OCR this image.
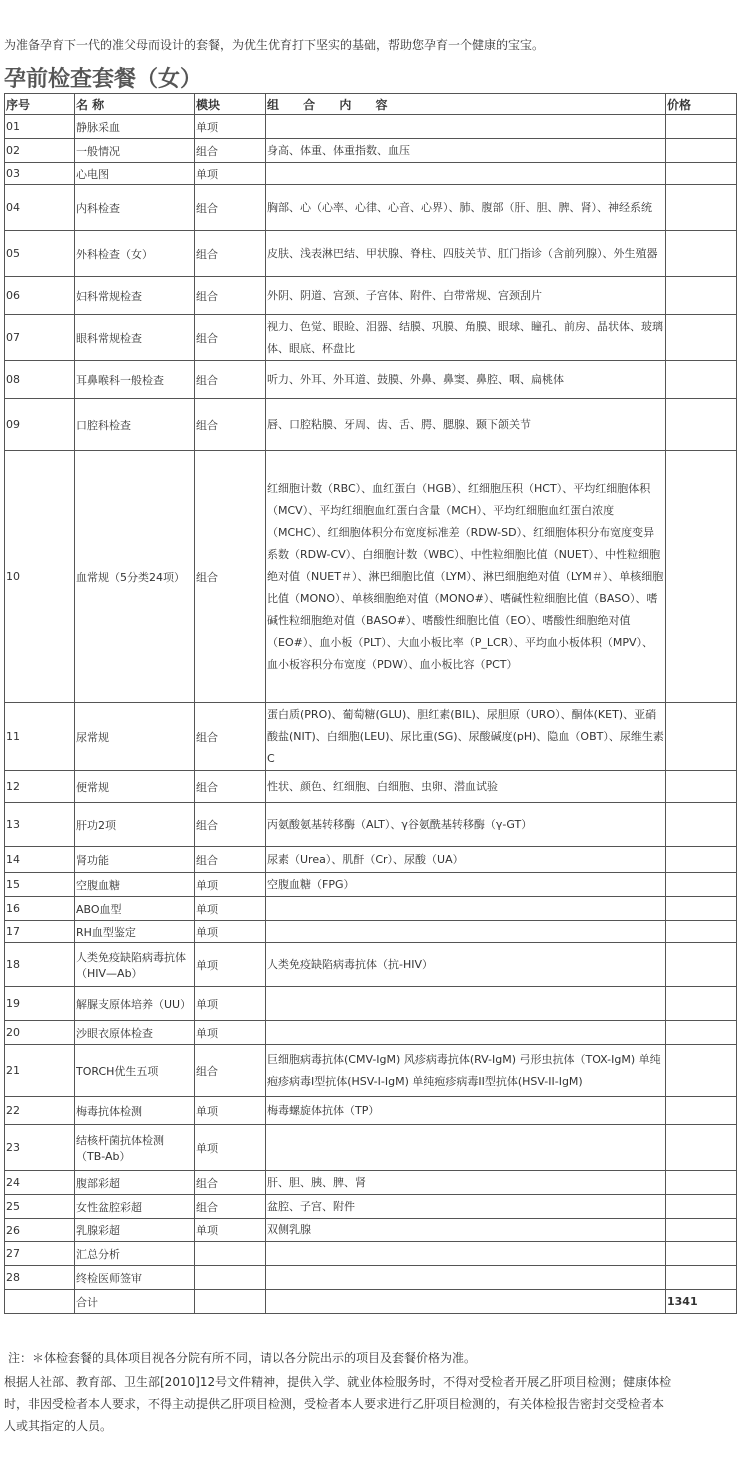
为准备孕育下一代的准父母而设计的套餐，为优生优育打下坚实的基础，帮助您孕育一个健康的宝宝。
孕前检查套餐（女）
序号	名 称	模块	组 合 内 容	价格
01	静脉采血	单项		
02	一般情况	组合	身高、体重、体重指数、血压	
03	心电图	单项		
04	内科检查	组合	胸部、心（心率、心律、心音、心界）、肺、腹部（肝、胆、脾、肾）、神经系统	
05	外科检查（女）	组合	皮肤、浅表淋巴结、甲状腺、脊柱、四肢关节、肛门指诊（含前列腺）、外生殖器	
06	妇科常规检查	组合	外阴、阴道、宫颈、子宫体、附件、白带常规、宫颈刮片	
07	眼科常规检查	组合	视力、色觉、眼睑、泪器、结膜、巩膜、角膜、眼球、瞳孔、前房、晶状体、玻璃体、眼底、杯盘比	
08	耳鼻喉科一般检查	组合	听力、外耳、外耳道、鼓膜、外鼻、鼻窦、鼻腔、咽、扁桃体	
09	口腔科检查	组合	唇、口腔粘膜、牙周、齿、舌、腭、腮腺、颞下颌关节	
10	血常规（5分类24项）	组合	红细胞计数（RBC）、血红蛋白（HGB）、红细胞压积（HCT）、平均红细胞体积（MCV）、平均红细胞血红蛋白含量（MCH）、平均红细胞血红蛋白浓度（MCHC）、红细胞体积分布宽度标准差（RDW-SD）、红细胞体积分布宽度变异系数（RDW-CV）、白细胞计数（WBC）、中性粒细胞比值（NUET）、中性粒细胞绝对值（NUET＃）、淋巴细胞比值（LYM）、淋巴细胞绝对值（LYM＃）、单核细胞比值（MONO）、单核细胞绝对值（MONO#）、嗜碱性粒细胞比值（BASO）、嗜碱性粒细胞绝对值（BASO#）、嗜酸性细胞比值（EO）、嗜酸性细胞绝对值（EO#）、血小板（PLT）、大血小板比率（P_LCR）、平均血小板体积（MPV）、血小板容积分布宽度（PDW）、血小板比容（PCT）	
11	尿常规	组合	蛋白质(PRO)、葡萄糖(GLU)、胆红素(BIL)、尿胆原（URO）、酮体(KET)、亚硝酸盐(NIT)、白细胞(LEU)、尿比重(SG)、尿酸碱度(pH)、隐血（OBT）、尿维生素C	
12	便常规	组合	性状、颜色、红细胞、白细胞、虫卵、潜血试验	
13	肝功2项	组合	丙氨酸氨基转移酶（ALT）、γ谷氨酰基转移酶（γ-GT）	
14	肾功能	组合	尿素（Urea）、肌酐（Cr）、尿酸（UA）	
15	空腹血糖	单项	空腹血糖（FPG）	
16	ABO血型	单项		
17	RH血型鉴定	单项		
18	人类免疫缺陷病毒抗体（HIV—Ab）	单项	人类免疫缺陷病毒抗体（抗-HIV）	
19	解脲支原体培养（UU）	单项		
20	沙眼衣原体检查	单项		
21	TORCH优生五项	组合	巨细胞病毒抗体(CMV-IgM) 风疹病毒抗体(RV-IgM) 弓形虫抗体（TOX-IgM) 单纯疱疹病毒I型抗体(HSV-I-IgM) 单纯疱疹病毒II型抗体(HSV-II-IgM)	
22	梅毒抗体检测	单项	梅毒螺旋体抗体（TP）	
23	结核杆菌抗体检测（TB-Ab）	单项		
24	腹部彩超	组合	肝、胆、胰、脾、肾	
25	女性盆腔彩超	组合	盆腔、子宫、附件	
26	乳腺彩超	单项	双侧乳腺	
27	汇总分析			
28	终检医师签审			
	合计			1341
注：＊体检套餐的具体项目视各分院有所不同，请以各分院出示的项目及套餐价格为准。
根据人社部、教育部、卫生部[2010]12号文件精神，提供入学、就业体检服务时，不得对受检者开展乙肝项目检测；健康体检时，非因受检者本人要求，不得主动提供乙肝项目检测，受检者本人要求进行乙肝项目检测的，有关体检报告密封交受检者本人或其指定的人员。
